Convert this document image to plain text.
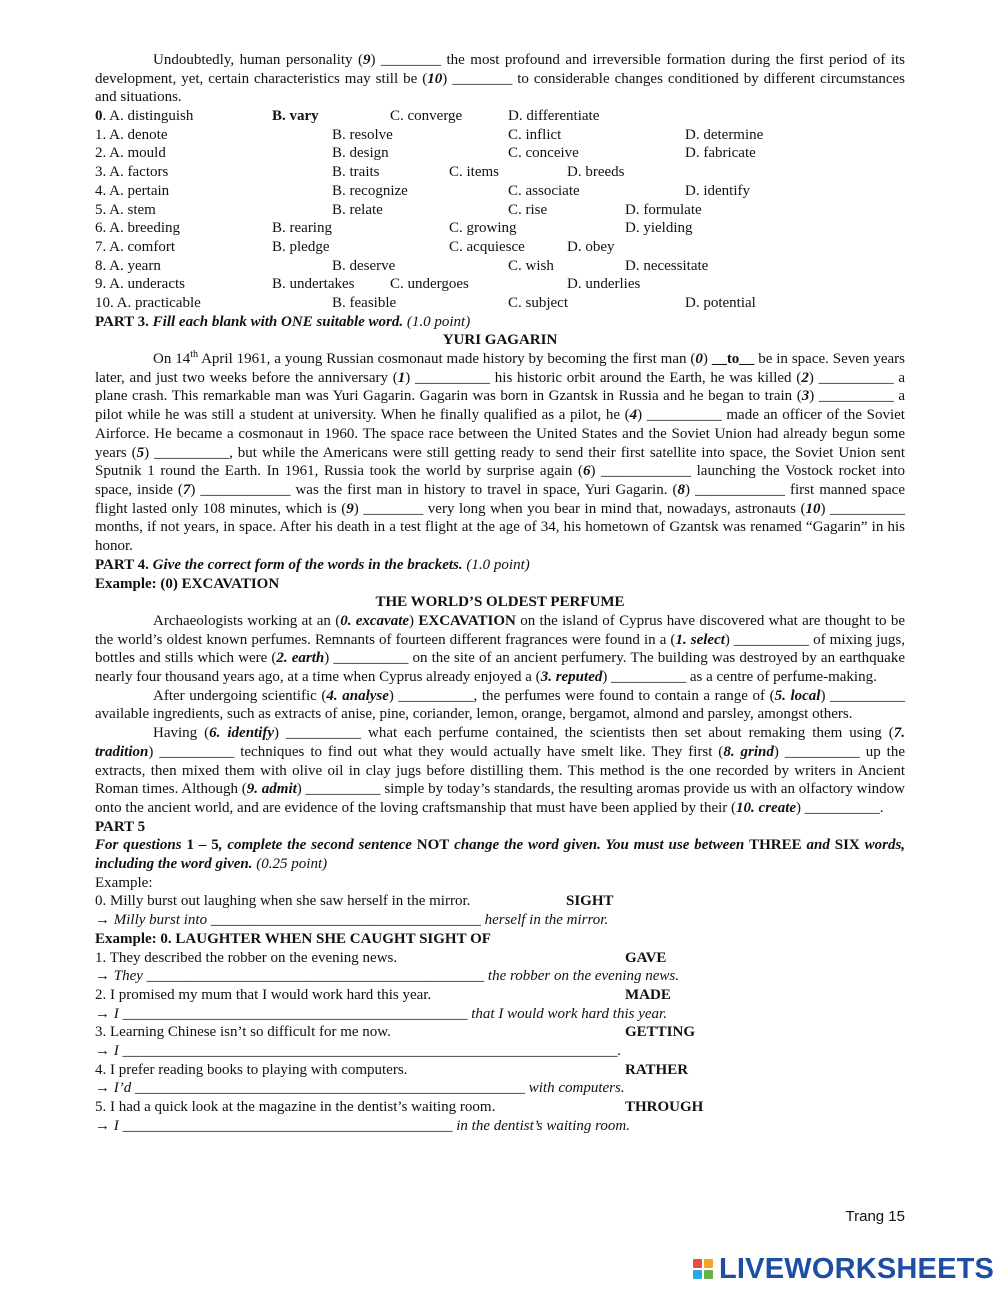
Undoubtedly, human personality (9) ________ the most profound and irreversible formation during the first period of its development, yet, certain characteristics may still be (10) ________ to considerable changes conditioned by different circumstances and situations.

0. A. distinguish	B. vary	C. converge	D. differentiate
1. A. denote	B. resolve	C. inflict	D. determine
2. A. mould	B. design	C. conceive	D. fabricate
3. A. factors	B. traits	C. items	D. breeds
4. A. pertain	B. recognize	C. associate	D. identify
5. A. stem	B. relate	C. rise	D. formulate
6. A. breeding	B. rearing	C. growing	D. yielding
7. A. comfort	B. pledge	C. acquiesce	D. obey
8. A. yearn	B. deserve	C. wish	D. necessitate
9. A. underacts	B. undertakes C. undergoes	D. underlies
10. A. practicable	B. feasible	C. subject	D. potential

PART 3. Fill each blank with ONE suitable word. (1.0 point)

YURI GAGARIN

On 14th April 1961, a young Russian cosmonaut made history by becoming the first man (0) __to__ be in space. Seven years later, and just two weeks before the anniversary (1) __________ his historic orbit around the Earth, he was killed (2) __________ a plane crash. This remarkable man was Yuri Gagarin. Gagarin was born in Gzantsk in Russia and he began to train (3) __________ a pilot while he was still a student at university. When he finally qualified as a pilot, he (4) __________ made an officer of the Soviet Airforce. He became a cosmonaut in 1960. The space race between the United States and the Soviet Union had already begun some years (5) __________, but while the Americans were still getting ready to send their first satellite into space, the Soviet Union sent Sputnik 1 round the Earth. In 1961, Russia took the world by surprise again (6) ____________ launching the Vostock rocket into space, inside (7) ____________ was the first man in history to travel in space, Yuri Gagarin. (8) ____________ first manned space flight lasted only 108 minutes, which is (9) ________ very long when you bear in mind that, nowadays, astronauts (10) __________ months, if not years, in space. After his death in a test flight at the age of 34, his hometown of Gzantsk was renamed “Gagarin” in his honor.

PART 4. Give the correct form of the words in the brackets. (1.0 point)

Example: (0) EXCAVATION

THE WORLD’S OLDEST PERFUME

Archaeologists working at an (0. excavate) EXCAVATION on the island of Cyprus have discovered what are thought to be the world’s oldest known perfumes. Remnants of fourteen different fragrances were found in a (1. select) __________ of mixing jugs, bottles and stills which were (2. earth) __________ on the site of an ancient perfumery. The building was destroyed by an earthquake nearly four thousand years ago, at a time when Cyprus already enjoyed a (3. reputed) __________ as a centre of perfume-making.

After undergoing scientific (4. analyse) __________, the perfumes were found to contain a range of (5. local) __________ available ingredients, such as extracts of anise, pine, coriander, lemon, orange, bergamot, almond and parsley, amongst others.

Having (6. identify) __________ what each perfume contained, the scientists then set about remaking them using (7. tradition) __________ techniques to find out what they would actually have smelt like. They first (8. grind) __________ up the extracts, then mixed them with olive oil in clay jugs before distilling them. This method is the one recorded by writers in Ancient Roman times. Although (9. admit) __________ simple by today’s standards, the resulting aromas provide us with an olfactory window onto the ancient world, and are evidence of the loving craftsmanship that must have been applied by their (10. create) __________.

PART 5

For questions 1 – 5, complete the second sentence NOT change the word given. You must use between THREE and SIX words, including the word given. (0.25 point)

Example:

0. Milly burst out laughing when she saw herself in the mirror.	SIGHT
→ Milly burst into ____________________________________ herself in the mirror.

Example: 0. LAUGHTER WHEN SHE CAUGHT SIGHT OF

1. They described the robber on the evening news.	GAVE
→ They _____________________________________________ the robber on the evening news.
2. I promised my mum that I would work hard this year.	MADE
→ I ______________________________________________ that I would work hard this year.
3. Learning Chinese isn’t so difficult for me now.	GETTING
→ I __________________________________________________________________.
4. I prefer reading books to playing with computers.	RATHER
→ I’d ____________________________________________________ with computers.
5. I had a quick look at the magazine in the dentist’s waiting room.	THROUGH
→ I ____________________________________________ in the dentist’s waiting room.
Trang 15
LIVEWORKSHEETS
